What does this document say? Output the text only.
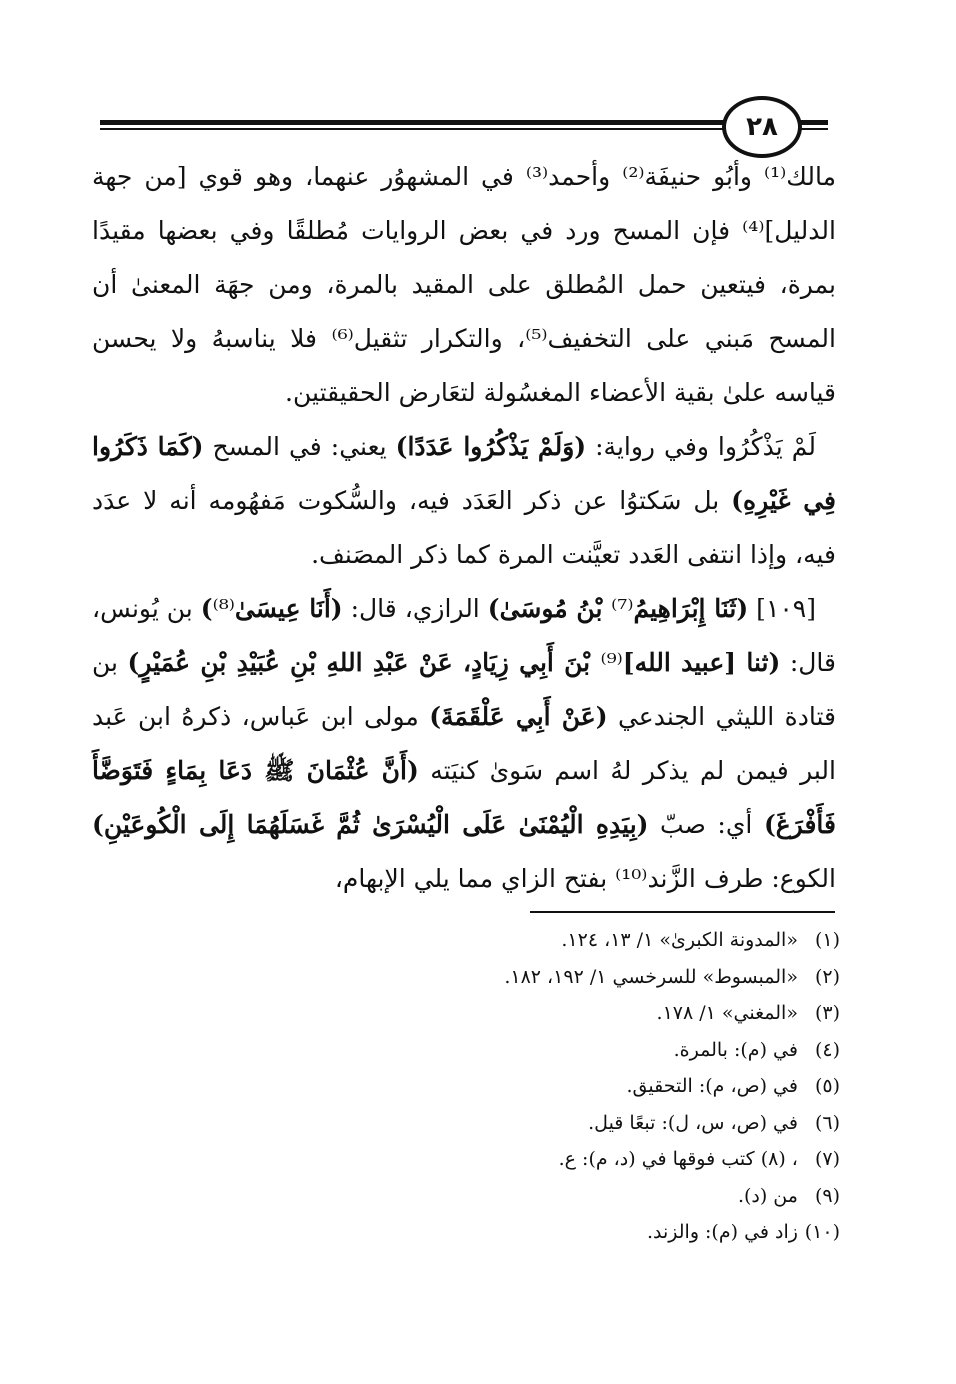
٢٨

مالك⁽¹⁾ وأبُو حنيفَة⁽²⁾ وأحمد⁽³⁾ في المشهوُر عنهما، وهو قوي [من جهة الدليل]⁽⁴⁾ فإن المسح ورد في بعض الروايات مُطلقًا وفي بعضها مقيدًا بمرة، فيتعين حمل المُطلق على المقيد بالمرة، ومن جهَة المعنىٰ أن المسح مَبني على التخفيف⁽⁵⁾، والتكرار تثقيل⁽⁶⁾ فلا يناسبهُ ولا يحسن قياسه علىٰ بقية الأعضاء المغسُولة لتعَارض الحقيقتين.

لَمْ يَذْكُرُوا وفي رواية: (وَلَمْ يَذْكُرُوا عَدَدًا) يعني: في المسح (كَمَا ذَكَرُوا فِي غَيْرِهِ) بل سَكتوُا عن ذكر العَدَد فيه، والسُّكوت مَفهُومه أنه لا عدَد فيه، وإذا انتفى العَدد تعيَّنت المرة كما ذكر المصَنف.

[١٠٩] (ثَنَا إِبْرَاهِيمُ⁽⁷⁾ بْنُ مُوسَىٰ) الرازي، قال: (أَنَا عِيسَىٰ⁽⁸⁾) بن يُونس، قال: (ثنا [عبيد الله]⁽⁹⁾ بْنَ أَبِي زِيَادٍ، عَنْ عَبْدِ اللهِ بْنِ عُبَيْدِ بْنِ عُمَيْرٍ) بن قتادة الليثي الجندعي (عَنْ أَبِي عَلْقَمَةَ) مولى ابن عَباس، ذكرهُ ابن عَبد البر فيمن لم يذكر لهُ اسم سَوىٰ كنيَته (أَنَّ عُثْمَانَ ﷺ دَعَا بِمَاءٍ فَتَوَضَّأَ فَأَفْرَغَ) أي: صبّ (بِيَدِهِ الْيُمْنَىٰ عَلَى الْيُسْرَىٰ ثُمَّ غَسَلَهُمَا إِلَى الْكُوعَيْنِ) الكوع: طرف الزَّند⁽¹⁰⁾ بفتح الزاي مما يلي الإبهام،

(١) «المدونة الكبرىٰ» ١/ ١٣، ١٢٤.
(٢) «المبسوط» للسرخسي ١/ ١٩٢، ١٨٢.
(٣) «المغني» ١/ ١٧٨.
(٤) في (م): بالمرة.
(٥) في (ص، م): التحقيق.
(٦) في (ص، س، ل): تبعًا قيل.
(٧) ، (٨) كتب فوقها في (د، م): ع.
(٩) من (د).
(١٠) زاد في (م): والزند.
